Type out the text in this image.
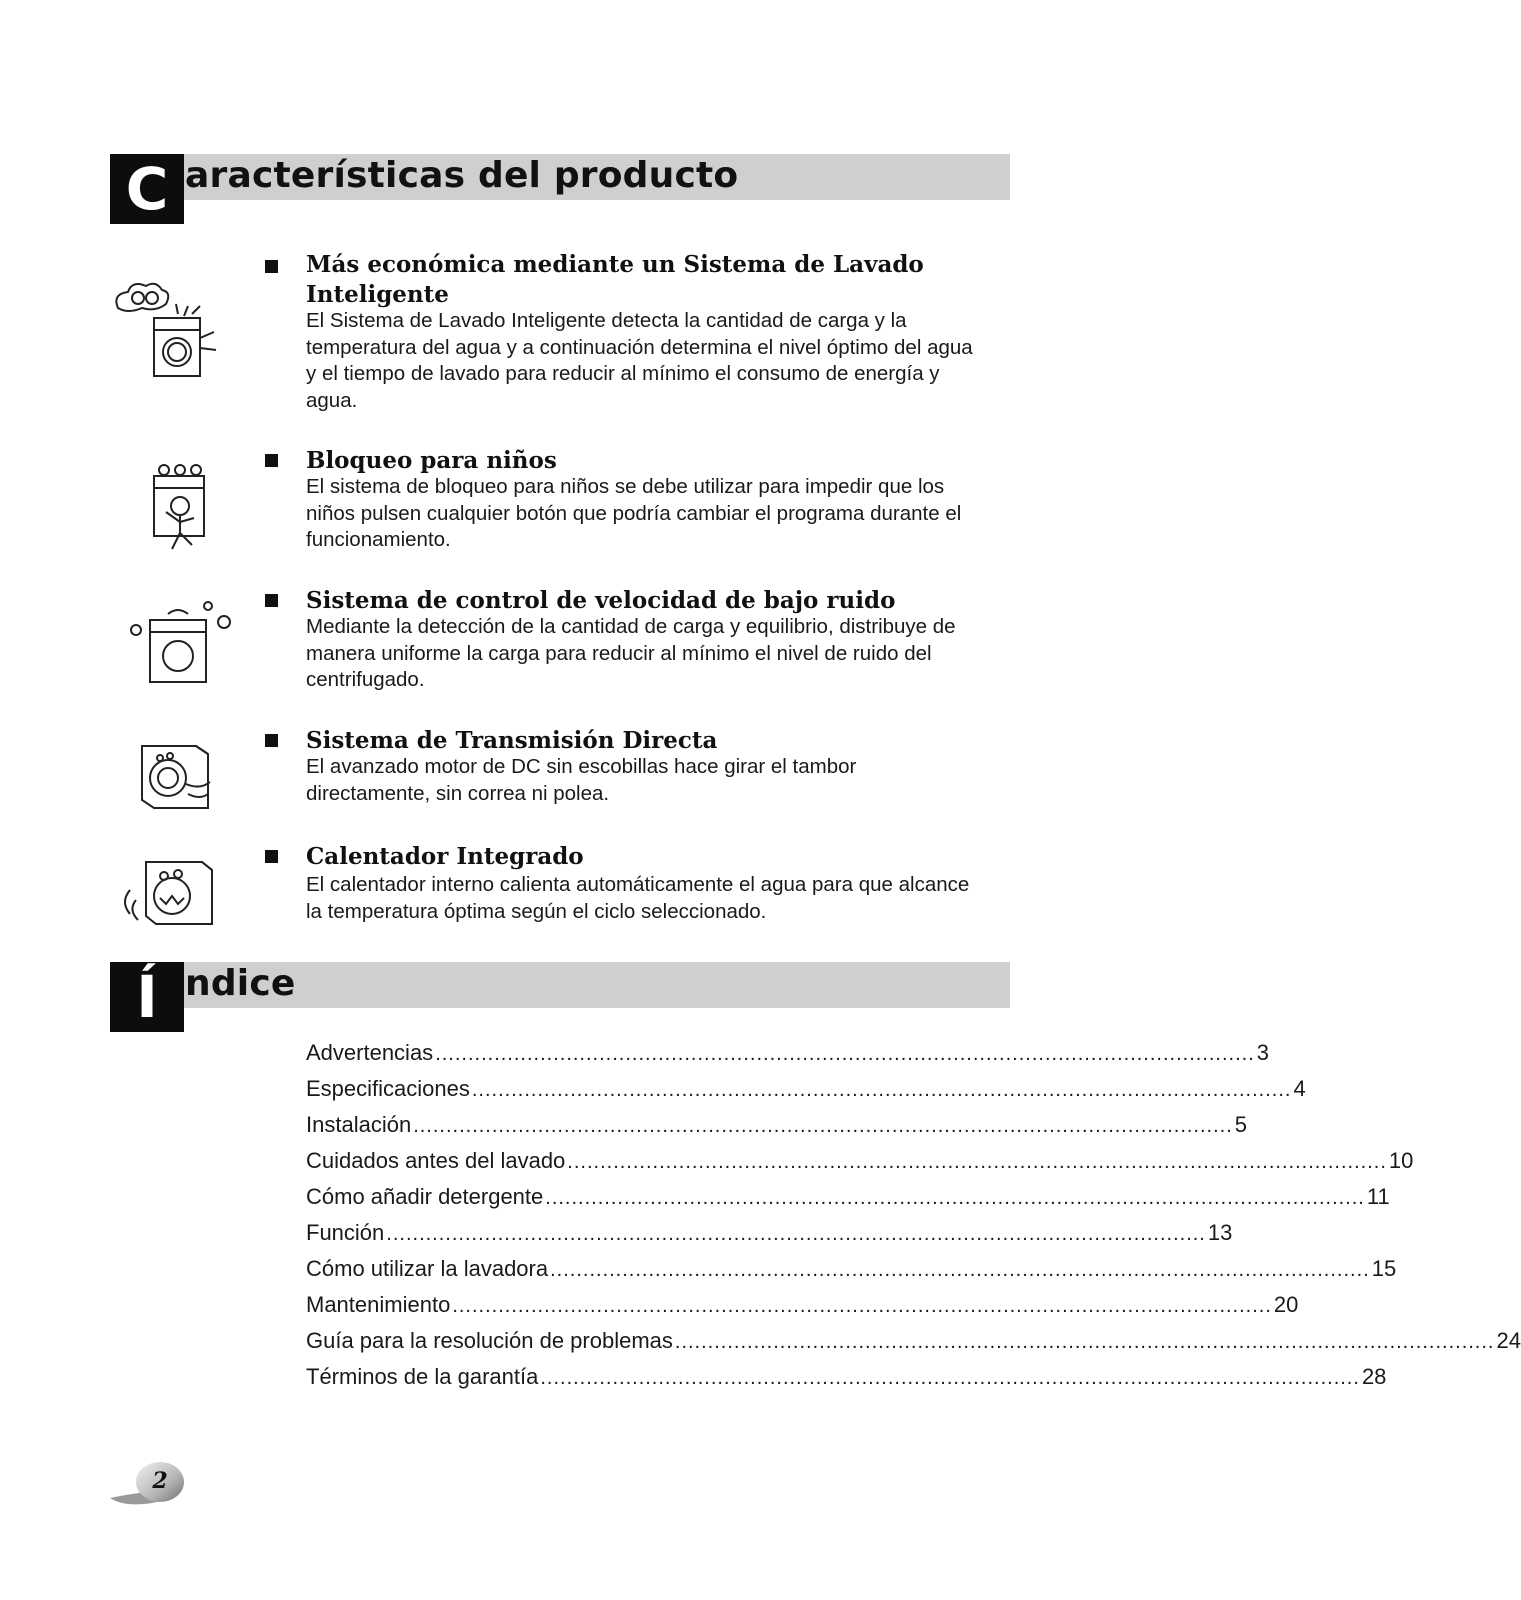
C aracterísticas del producto
Más económica mediante un Sistema de Lavado Inteligente
El Sistema de Lavado Inteligente detecta la cantidad de carga y la temperatura del agua y a continuación determina el nivel óptimo del agua y el tiempo de lavado para reducir al mínimo el consumo de energía y agua.
Bloqueo para niños
El sistema de bloqueo para niños se debe utilizar para impedir que los niños pulsen cualquier botón que podría cambiar el programa durante el funcionamiento.
Sistema de control de velocidad de bajo ruido
Mediante la detección de la cantidad de carga y equilibrio, distribuye de manera uniforme la carga para reducir al mínimo el nivel de ruido del centrifugado.
Sistema de Transmisión Directa
El avanzado motor de DC sin escobillas hace girar el tambor directamente, sin correa ni polea.
Calentador Integrado
El calentador interno calienta automáticamente el agua para que alcance la temperatura óptima según el ciclo seleccionado.
Í ndice
Advertencias ............................................................................................................................. 3
Especificaciones ............................................................................................................................. 4
Instalación ............................................................................................................................. 5
Cuidados antes del lavado ............................................................................................................................. 10
Cómo añadir detergente ............................................................................................................................. 11
Función ............................................................................................................................. 13
Cómo utilizar la lavadora ............................................................................................................................. 15
Mantenimiento ............................................................................................................................. 20
Guía para la resolución de problemas ............................................................................................................................. 24
Términos de la garantía ............................................................................................................................. 28
2
